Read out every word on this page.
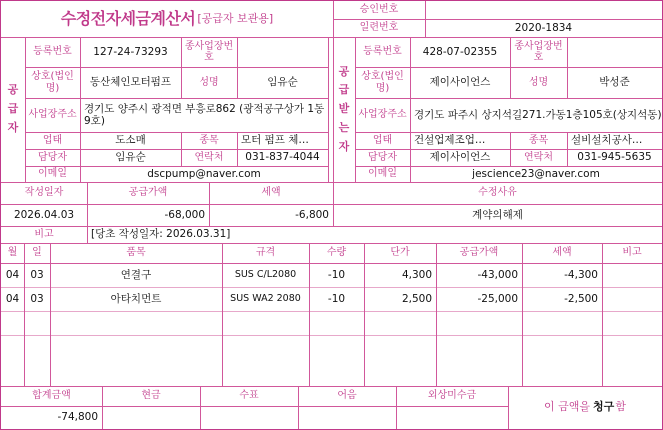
수정전자세금계산서 [공급자 보관용]
승인번호
일련번호	2020-1834
공
급
자
등록번호	127-24-73293	종사업장번호
상호(법인명)	동산체인모터펌프	성명	임유순
사업장주소 경기도 양주시 광적면 부흥로862 (광적공구상가 1동9호)
업태	도소매	종목	모터 펌프 체…
담당자	임유순	연락처	031-837-4044
이메일	dscpump@naver.com
공
급
받
는
자
등록번호	428-07-02355	종사업장번호
상호(법인명)	제이사이언스	성명	박성준
사업장주소 경기도 파주시 상지석길271.가동1층105호(상지석동)
업태	건설업제조업…	종목	설비설치공사…
담당자	제이사이언스	연락처	031-945-5635
이메일	jescience23@naver.com
작성일자	공급가액	세액	수정사유
2026.04.03	-68,000	-6,800	계약의해제
비고	[당초 작성일자: 2026.03.31]
월	일	품목	규격	수량	단가	공급가액	세액	비고
04	03	연결구	SUS C/L2080	-10	4,300	-43,000	-4,300
04	03	아타치먼트	SUS WA2 2080	-10	2,500	-25,000	-2,500
합계금액	현금	수표	어음	외상미수금
-74,800
이 금액을 청구 함
